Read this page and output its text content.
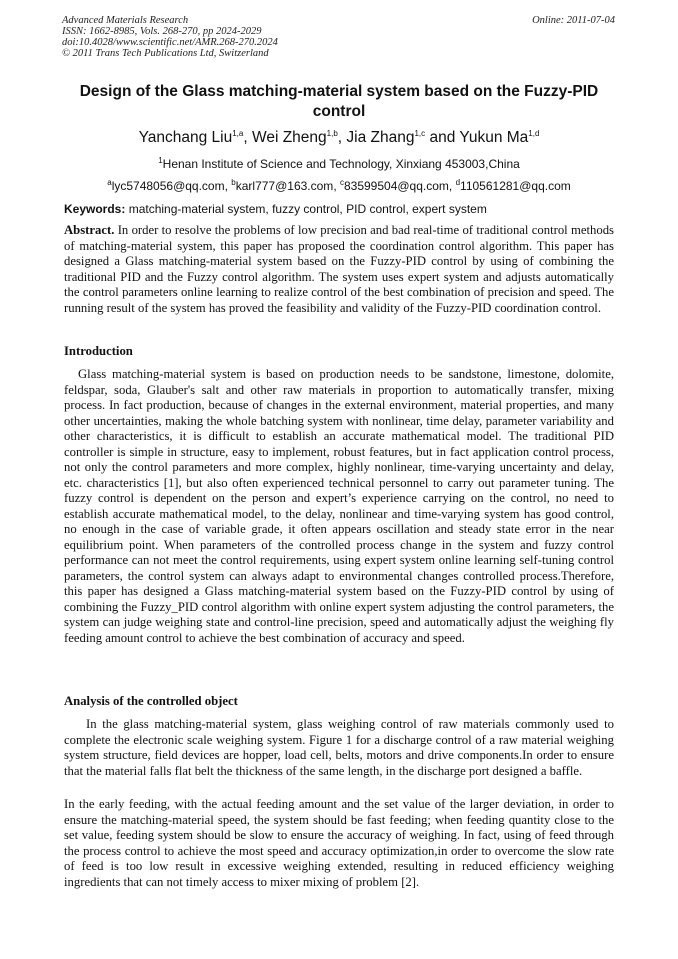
Advanced Materials Research
ISSN: 1662-8985, Vols. 268-270, pp 2024-2029
doi:10.4028/www.scientific.net/AMR.268-270.2024
© 2011 Trans Tech Publications Ltd, Switzerland
Online: 2011-07-04
Design of the Glass matching-material system based on the Fuzzy-PID control
Yanchang Liu$^{1,a}$, Wei Zheng$^{1,b}$, Jia Zhang$^{1,c}$ and Yukun Ma$^{1,d}$
$^1$Henan Institute of Science and Technology, Xinxiang 453003,China
$^a$lyc5748056@qq.com, $^b$karl777@163.com, $^c$83599504@qq.com, $^d$110561281@qq.com
Keywords: matching-material system, fuzzy control, PID control, expert system
Abstract. In order to resolve the problems of low precision and bad real-time of traditional control methods of matching-material system, this paper has proposed the coordination control algorithm. This paper has designed a Glass matching-material system based on the Fuzzy-PID control by using of combining the traditional PID and the Fuzzy control algorithm. The system uses expert system and adjusts automatically the control parameters online learning to realize control of the best combination of precision and speed. The running result of the system has proved the feasibility and validity of the Fuzzy-PID coordination control.
Introduction
Glass matching-material system is based on production needs to be sandstone, limestone, dolomite, feldspar, soda, Glauber's salt and other raw materials in proportion to automatically transfer, mixing process. In fact production, because of changes in the external environment, material properties, and many other uncertainties, making the whole batching system with nonlinear, time delay, parameter variability and other characteristics, it is difficult to establish an accurate mathematical model. The traditional PID controller is simple in structure, easy to implement, robust features, but in fact application control process, not only the control parameters and more complex, highly nonlinear, time-varying uncertainty and delay, etc. characteristics [1], but also often experienced technical personnel to carry out parameter tuning. The fuzzy control is dependent on the person and expert’s experience carrying on the control, no need to establish accurate mathematical model, to the delay, nonlinear and time-varying system has good control, no enough in the case of variable grade, it often appears oscillation and steady state error in the near equilibrium point. When parameters of the controlled process change in the system and fuzzy control performance can not meet the control requirements, using expert system online learning self-tuning control parameters, the control system can always adapt to environmental changes controlled process.Therefore, this paper has designed a Glass matching-material system based on the Fuzzy-PID control by using of combining the Fuzzy_PID control algorithm with online expert system adjusting the control parameters, the system can judge weighing state and control-line precision, speed and automatically adjust the weighing fly feeding amount control to achieve the best combination of accuracy and speed.
Analysis of the controlled object
In the glass matching-material system, glass weighing control of raw materials commonly used to complete the electronic scale weighing system. Figure 1 for a discharge control of a raw material weighing system structure, field devices are hopper, load cell, belts, motors and drive components.In order to ensure that the material falls flat belt the thickness of the same length, in the discharge port designed a baffle.
In the early feeding, with the actual feeding amount and the set value of the larger deviation, in order to ensure the matching-material speed, the system should be fast feeding; when feeding quantity close to the set value, feeding system should be slow to ensure the accuracy of weighing. In fact, using of feed through the process control to achieve the most speed and accuracy optimization,in order to overcome the slow rate of feed is too low result in excessive weighing extended, resulting in reduced efficiency weighing ingredients that can not timely access to mixer mixing of problem [2].
